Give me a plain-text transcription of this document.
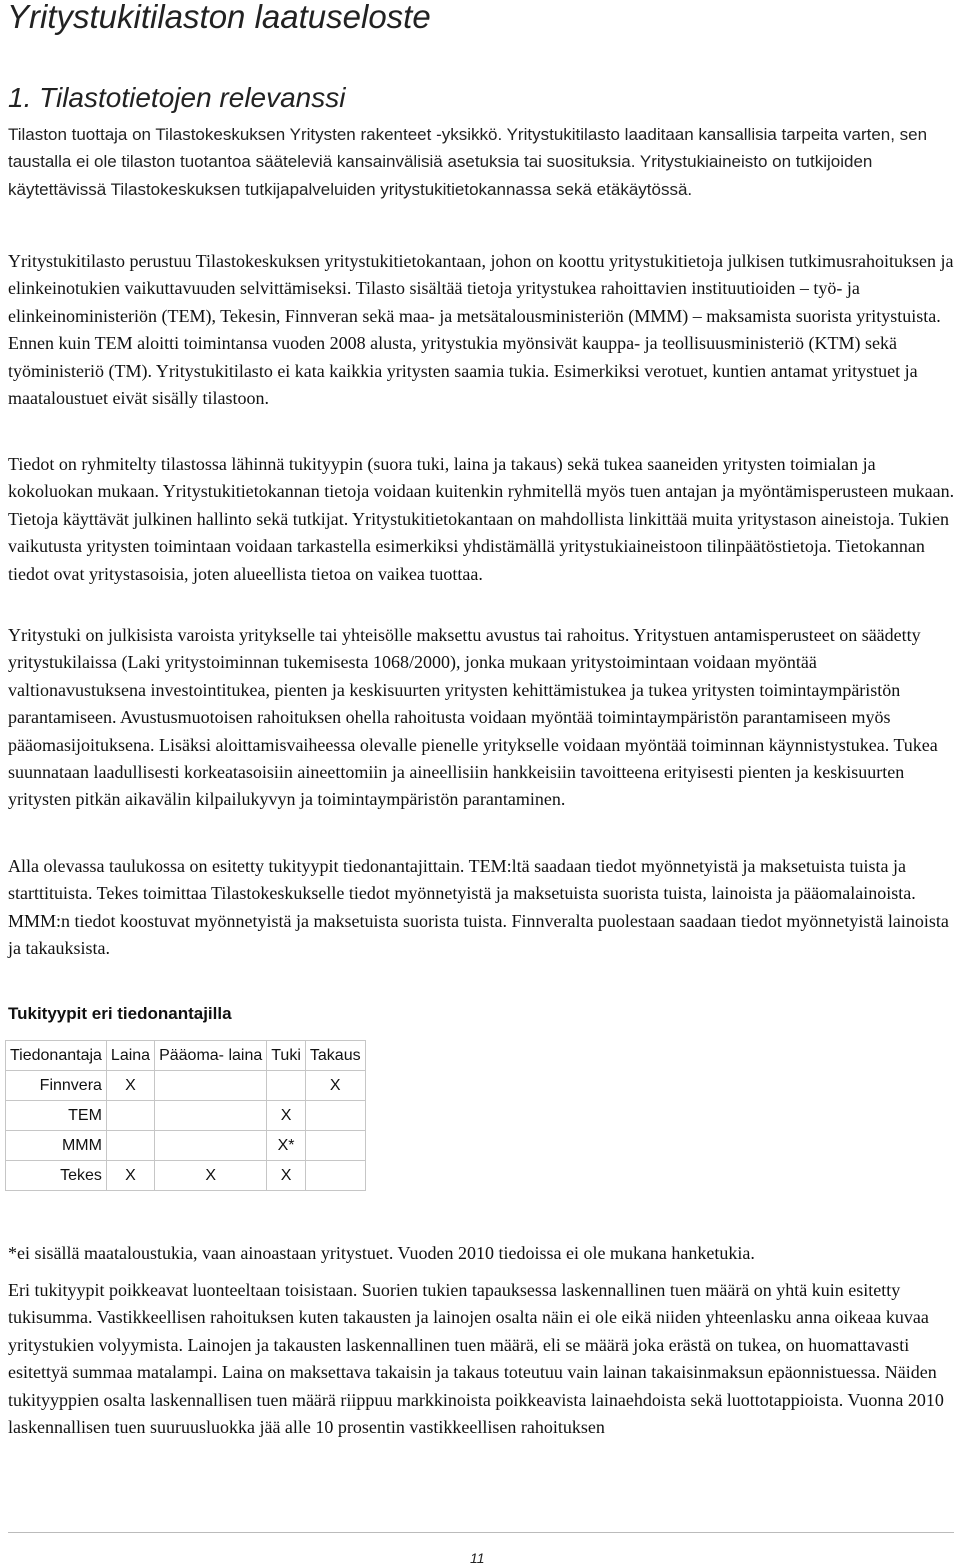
Yritystukitilaston laatuseloste
1. Tilastotietojen relevanssi

Tilaston tuottaja on Tilastokeskuksen Yritysten rakenteet -yksikkö. Yritystukitilasto laaditaan kansallisia tarpeita varten, sen taustalla ei ole tilaston tuotantoa sääteleviä kansainvälisiä asetuksia tai suosituksia. Yritystukiaineisto on tutkijoiden käytettävissä Tilastokeskuksen tutkijapalveluiden yritystukitietokannassa sekä etäkäytössä.

Yritystukitilasto perustuu Tilastokeskuksen yritystukitietokantaan, johon on koottu yritystukitietoja julkisen tutkimusrahoituksen ja elinkeinotukien vaikuttavuuden selvittämiseksi. Tilasto sisältää tietoja yritystukea rahoittavien instituutioiden – työ- ja elinkeinoministeriön (TEM), Tekesin, Finnveran sekä maa- ja metsätalousministeriön (MMM) – maksamista suorista yritystuista. Ennen kuin TEM aloitti toimintansa vuoden 2008 alusta, yritystukia myönsivät kauppa- ja teollisuusministeriö (KTM) sekä työministeriö (TM). Yritystukitilasto ei kata kaikkia yritysten saamia tukia. Esimerkiksi verotuet, kuntien antamat yritystuet ja maataloustuet eivät sisälly tilastoon.

Tiedot on ryhmitelty tilastossa lähinnä tukityypin (suora tuki, laina ja takaus) sekä tukea saaneiden yritysten toimialan ja kokoluokan mukaan. Yritystukitietokannan tietoja voidaan kuitenkin ryhmitellä myös tuen antajan ja myöntämisperusteen mukaan. Tietoja käyttävät julkinen hallinto sekä tutkijat. Yritystukitietokantaan on mahdollista linkittää muita yritystason aineistoja. Tukien vaikutusta yritysten toimintaan voidaan tarkastella esimerkiksi yhdistämällä yritystukiaineistoon tilinpäätöstietoja. Tietokannan tiedot ovat yritystasoisia, joten alueellista tietoa on vaikea tuottaa.

Yritystuki on julkisista varoista yritykselle tai yhteisölle maksettu avustus tai rahoitus. Yritystuen antamisperusteet on säädetty yritystukilaissa (Laki yritystoiminnan tukemisesta 1068/2000), jonka mukaan yritystoimintaan voidaan myöntää valtionavustuksena investointitukea, pienten ja keskisuurten yritysten kehittämistukea ja tukea yritysten toimintaympäristön parantamiseen. Avustusmuotoisen rahoituksen ohella rahoitusta voidaan myöntää toimintaympäristön parantamiseen myös pääomasijoituksena. Lisäksi aloittamisvaiheessa olevalle pienelle yritykselle voidaan myöntää toiminnan käynnistystukea. Tukea suunnataan laadullisesti korkeatasoisiin aineettomiin ja aineellisiin hankkeisiin tavoitteena erityisesti pienten ja keskisuurten yritysten pitkän aikavälin kilpailukyvyn ja toimintaympäristön parantaminen.

Alla olevassa taulukossa on esitetty tukityypit tiedonantajittain. TEM:ltä saadaan tiedot myönnetyistä ja maksetuista tuista ja starttituista. Tekes toimittaa Tilastokeskukselle tiedot myönnetyistä ja maksetuista suorista tuista, lainoista ja pääomalainoista. MMM:n tiedot koostuvat myönnetyistä ja maksetuista suorista tuista. Finnveralta puolestaan saadaan tiedot myönnetyistä lainoista ja takauksista.

Tukityypit eri tiedonantajilla
Tiedonantaja	Laina	Pääoma- laina	Tuki	Takaus
Finnvera	X			X
TEM			X	
MMM			X*	
Tekes	X	X	X	

*ei sisällä maataloustukia, vaan ainoastaan yritystuet. Vuoden 2010 tiedoissa ei ole mukana hanketukia.

Eri tukityypit poikkeavat luonteeltaan toisistaan. Suorien tukien tapauksessa laskennallinen tuen määrä on yhtä kuin esitetty tukisumma. Vastikkeellisen rahoituksen kuten takausten ja lainojen osalta näin ei ole eikä niiden yhteenlasku anna oikeaa kuvaa yritystukien volyymista. Lainojen ja takausten laskennallinen tuen määrä, eli se määrä joka erästä on tukea, on huomattavasti esitettyä summaa matalampi. Laina on maksettava takaisin ja takaus toteutuu vain lainan takaisinmaksun epäonnistuessa. Näiden tukityyppien osalta laskennallisen tuen määrä riippuu markkinoista poikkeavista lainaehdoista sekä luottotappioista. Vuonna 2010 laskennallisen tuen suuruusluokka jää alle 10 prosentin vastikkeellisen rahoituksen

11
